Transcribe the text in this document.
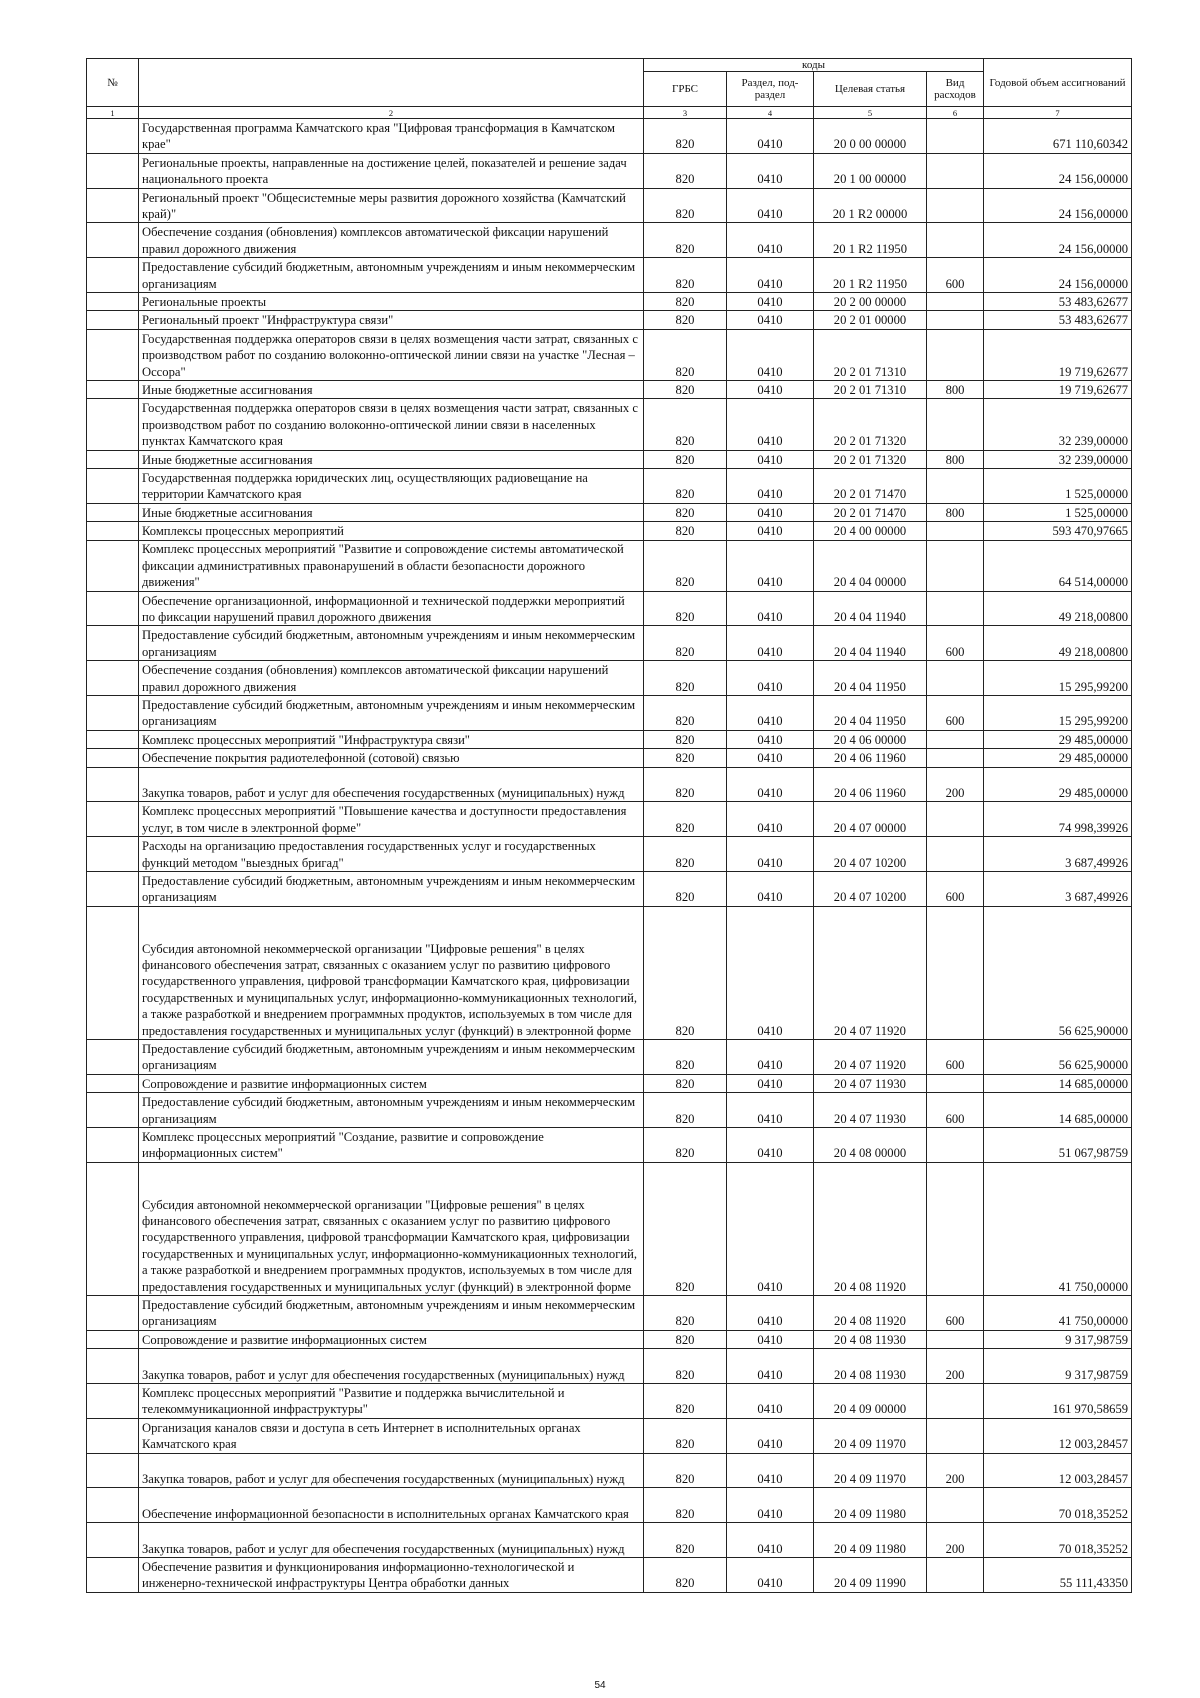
№		коды				Годовой объем ассигнований
		ГРБС	Раздел, под-раздел	Целевая статья	Вид расходов	
1	2	3	4	5	6	7
	Государственная программа Камчатского края "Цифровая трансформация в Камчатском крае"	820	0410	20 0 00 00000		671 110,60342
	Региональные проекты, направленные на достижение целей, показателей и решение задач национального проекта	820	0410	20 1 00 00000		24 156,00000
	Региональный проект "Общесистемные меры развития дорожного хозяйства (Камчатский край)"	820	0410	20 1 R2 00000		24 156,00000
	Обеспечение создания (обновления) комплексов автоматической фиксации нарушений правил дорожного движения	820	0410	20 1 R2 11950		24 156,00000
	Предоставление субсидий бюджетным, автономным учреждениям и иным некоммерческим организациям	820	0410	20 1 R2 11950	600	24 156,00000
	Региональные проекты	820	0410	20 2 00 00000		53 483,62677
	Региональный проект "Инфраструктура связи"	820	0410	20 2 01 00000		53 483,62677
	Государственная поддержка операторов связи в целях возмещения части затрат, связанных с производством работ по созданию волоконно-оптической линии связи на участке "Лесная – Оссора"	820	0410	20 2 01 71310		19 719,62677
	Иные бюджетные ассигнования	820	0410	20 2 01 71310	800	19 719,62677
	Государственная поддержка операторов связи в целях возмещения части затрат, связанных с производством работ по созданию волоконно-оптической линии связи в населенных пунктах Камчатского края	820	0410	20 2 01 71320		32 239,00000
	Иные бюджетные ассигнования	820	0410	20 2 01 71320	800	32 239,00000
	Государственная поддержка юридических лиц, осуществляющих радиовещание на территории Камчатского края	820	0410	20 2 01 71470		1 525,00000
	Иные бюджетные ассигнования	820	0410	20 2 01 71470	800	1 525,00000
	Комплексы процессных мероприятий	820	0410	20 4 00 00000		593 470,97665
	Комплекс процессных мероприятий "Развитие и сопровождение системы автоматической фиксации административных правонарушений в области безопасности дорожного движения"	820	0410	20 4 04 00000		64 514,00000
	Обеспечение организационной, информационной и технической поддержки мероприятий по фиксации нарушений правил дорожного движения	820	0410	20 4 04 11940		49 218,00800
	Предоставление субсидий бюджетным, автономным учреждениям и иным некоммерческим организациям	820	0410	20 4 04 11940	600	49 218,00800
	Обеспечение создания (обновления) комплексов автоматической фиксации нарушений правил дорожного движения	820	0410	20 4 04 11950		15 295,99200
	Предоставление субсидий бюджетным, автономным учреждениям и иным некоммерческим организациям	820	0410	20 4 04 11950	600	15 295,99200
	Комплекс процессных мероприятий "Инфраструктура связи"	820	0410	20 4 06 00000		29 485,00000
	Обеспечение покрытия радиотелефонной (сотовой) связью	820	0410	20 4 06 11960		29 485,00000
	Закупка товаров, работ и услуг для обеспечения государственных (муниципальных) нужд	820	0410	20 4 06 11960	200	29 485,00000
	Комплекс процессных мероприятий "Повышение качества и доступности предоставления услуг, в том числе в электронной форме"	820	0410	20 4 07 00000		74 998,39926
	Расходы на организацию предоставления государственных услуг и государственных функций методом "выездных бригад"	820	0410	20 4 07 10200		3 687,49926
	Предоставление субсидий бюджетным, автономным учреждениям и иным некоммерческим организациям	820	0410	20 4 07 10200	600	3 687,49926
	Субсидия автономной некоммерческой организации "Цифровые решения" в целях финансового обеспечения затрат, связанных с оказанием услуг по развитию цифрового государственного управления, цифровой трансформации Камчатского края, цифровизации государственных и муниципальных услуг, информационно-коммуникационных технологий, а также разработкой и внедрением программных продуктов, используемых в том числе для предоставления государственных и муниципальных услуг (функций) в электронной форме	820	0410	20 4 07 11920		56 625,90000
	Предоставление субсидий бюджетным, автономным учреждениям и иным некоммерческим организациям	820	0410	20 4 07 11920	600	56 625,90000
	Сопровождение и развитие информационных систем	820	0410	20 4 07 11930		14 685,00000
	Предоставление субсидий бюджетным, автономным учреждениям и иным некоммерческим организациям	820	0410	20 4 07 11930	600	14 685,00000
	Комплекс процессных мероприятий "Создание, развитие и сопровождение информационных систем"	820	0410	20 4 08 00000		51 067,98759
	Субсидия автономной некоммерческой организации "Цифровые решения" в целях финансового обеспечения затрат, связанных с оказанием услуг по развитию цифрового государственного управления, цифровой трансформации Камчатского края, цифровизации государственных и муниципальных услуг, информационно-коммуникационных технологий, а также разработкой и внедрением программных продуктов, используемых в том числе для предоставления государственных и муниципальных услуг (функций) в электронной форме	820	0410	20 4 08 11920		41 750,00000
	Предоставление субсидий бюджетным, автономным учреждениям и иным некоммерческим организациям	820	0410	20 4 08 11920	600	41 750,00000
	Сопровождение и развитие информационных систем	820	0410	20 4 08 11930		9 317,98759
	Закупка товаров, работ и услуг для обеспечения государственных (муниципальных) нужд	820	0410	20 4 08 11930	200	9 317,98759
	Комплекс процессных мероприятий "Развитие и поддержка вычислительной и телекоммуникационной инфраструктуры"	820	0410	20 4 09 00000		161 970,58659
	Организация каналов связи и доступа в сеть Интернет в исполнительных органах Камчатского края	820	0410	20 4 09 11970		12 003,28457
	Закупка товаров, работ и услуг для обеспечения государственных (муниципальных) нужд	820	0410	20 4 09 11970	200	12 003,28457
	Обеспечение информационной безопасности в исполнительных органах Камчатского края	820	0410	20 4 09 11980		70 018,35252
	Закупка товаров, работ и услуг для обеспечения государственных (муниципальных) нужд	820	0410	20 4 09 11980	200	70 018,35252
	Обеспечение развития и функционирования информационно-технологической и инженерно-технической инфраструктуры Центра обработки данных	820	0410	20 4 09 11990		55 111,43350
54
